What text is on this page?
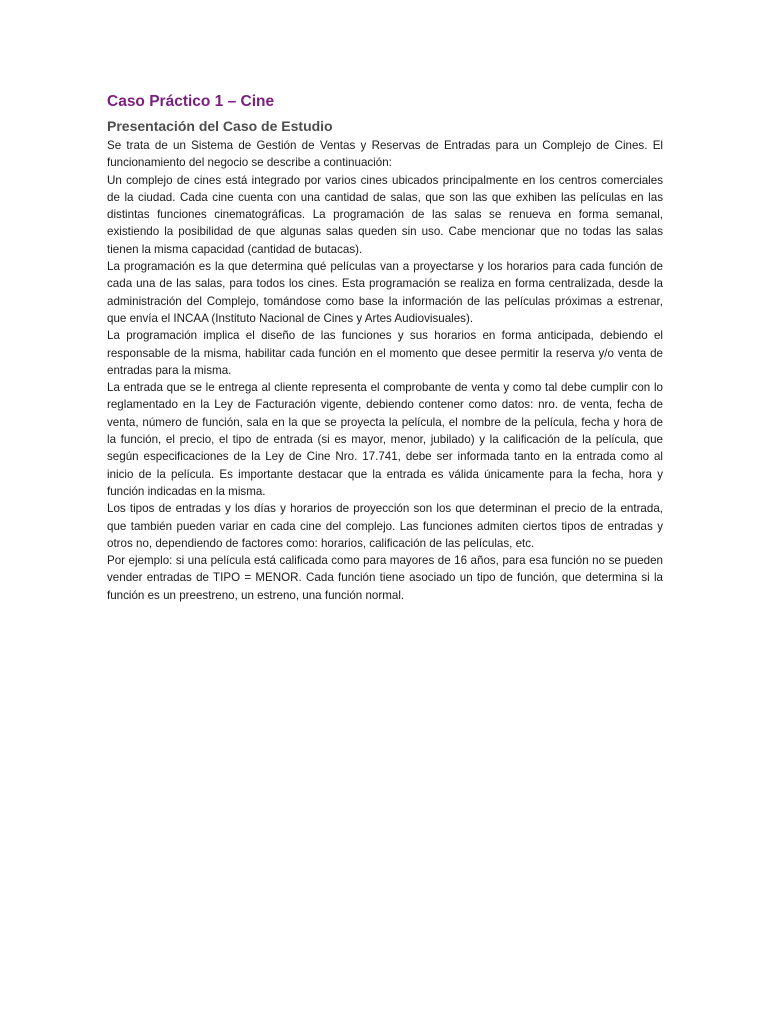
Caso Práctico 1 – Cine
Presentación del Caso de Estudio

Se trata de un Sistema de Gestión de Ventas y Reservas de Entradas para un Complejo de Cines. El funcionamiento del negocio se describe a continuación:

Un complejo de cines está integrado por varios cines ubicados principalmente en los centros comerciales de la ciudad. Cada cine cuenta con una cantidad de salas, que son las que exhiben las películas en las distintas funciones cinematográficas. La programación de las salas se renueva en forma semanal, existiendo la posibilidad de que algunas salas queden sin uso. Cabe mencionar que no todas las salas tienen la misma capacidad (cantidad de butacas).

La programación es la que determina qué películas van a proyectarse y los horarios para cada función de cada una de las salas, para todos los cines. Esta programación se realiza en forma centralizada, desde la administración del Complejo, tomándose como base la información de las películas próximas a estrenar, que envía el INCAA (Instituto Nacional de Cines y Artes Audiovisuales).

La programación implica el diseño de las funciones y sus horarios en forma anticipada, debiendo el responsable de la misma, habilitar cada función en el momento que desee permitir la reserva y/o venta de entradas para la misma.

La entrada que se le entrega al cliente representa el comprobante de venta y como tal debe cumplir con lo reglamentado en la Ley de Facturación vigente, debiendo contener como datos: nro. de venta, fecha de venta, número de función, sala en la que se proyecta la película, el nombre de la película, fecha y hora de la función, el precio, el tipo de entrada (si es mayor, menor, jubilado) y la calificación de la película, que según especificaciones de la Ley de Cine Nro. 17.741, debe ser informada tanto en la entrada como al inicio de la película. Es importante destacar que la entrada es válida únicamente para la fecha, hora y función indicadas en la misma.

Los tipos de entradas y los días y horarios de proyección son los que determinan el precio de la entrada, que también pueden variar en cada cine del complejo. Las funciones admiten ciertos tipos de entradas y otros no, dependiendo de factores como: horarios, calificación de las películas, etc.

Por ejemplo: si una película está calificada como para mayores de 16 años, para esa función no se pueden vender entradas de TIPO = MENOR. Cada función tiene asociado un tipo de función, que determina si la función es un preestreno, un estreno, una función normal.
